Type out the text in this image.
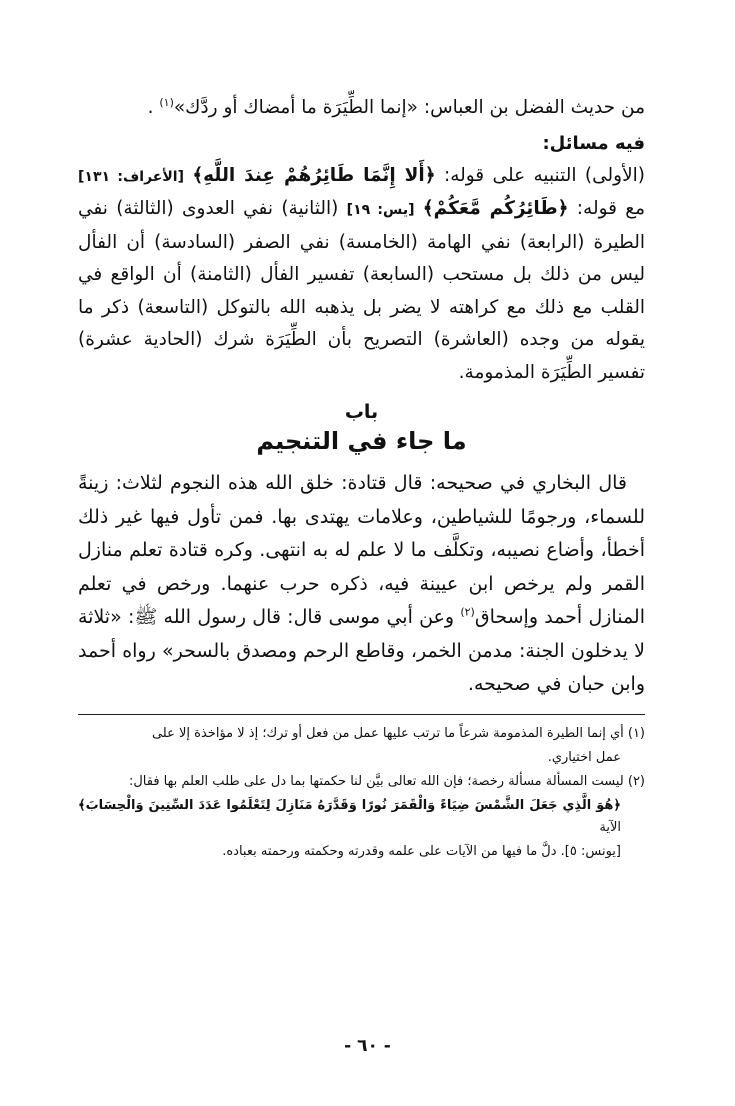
من حديث الفضل بن العباس: «إنما الطِّيَرَة ما أمضاك أو ردَّك»$^{(١)}$ .

فيه مسائل:

(الأولى) التنبيه على قوله: ﴿أَلا إِنَّمَا طَائِرُهُمْ عِندَ اللَّهِ﴾ [الأعراف: ١٣١] مع قوله: ﴿طَائِرُكُم مَّعَكُمْ﴾ [يس: ١٩] (الثانية) نفي العدوى (الثالثة) نفي الطيرة (الرابعة) نفي الهامة (الخامسة) نفي الصفر (السادسة) أن الفأل ليس من ذلك بل مستحب (السابعة) تفسير الفأل (الثامنة) أن الواقع في القلب مع ذلك مع كراهته لا يضر بل يذهبه الله بالتوكل (التاسعة) ذكر ما يقوله من وجده (العاشرة) التصريح بأن الطِّيَرَة شرك (الحادية عشرة) تفسير الطِّيَرَة المذمومة.

باب
ما جاء في التنجيم

قال البخاري في صحيحه: قال قتادة: خلق الله هذه النجوم لثلاث: زينةً للسماء، ورجومًا للشياطين، وعلامات يهتدى بها. فمن تأول فيها غير ذلك أخطأ، وأضاع نصيبه، وتكلَّف ما لا علم له به انتهى. وكره قتادة تعلم منازل القمر ولم يرخص ابن عيينة فيه، ذكره حرب عنهما. ورخص في تعلم المنازل أحمد وإسحاق$^{(٢)}$ وعن أبي موسى قال: قال رسول الله ﷺ: «ثلاثة لا يدخلون الجنة: مدمن الخمر، وقاطع الرحم ومصدق بالسحر» رواه أحمد وابن حبان في صحيحه.

(١) أي إنما الطيرة المذمومة شرعاً ما ترتب عليها عمل من فعل أو ترك؛ إذ لا مؤاخذة إلا على

عمل اختياري.

(٢) ليست المسألة مسألة رخصة؛ فإن الله تعالى بيَّن لنا حكمتها بما دل على طلب العلم بها فقال:

﴿هُوَ الَّذِي جَعَلَ الشَّمْسَ ضِيَاءً وَالْقَمَرَ نُورًا وَقَدَّرَهُ مَنَازِلَ لِتَعْلَمُوا عَدَدَ السِّنِينَ وَالْحِسَابَ﴾ الآية

[يونس: ٥]. دلَّ ما فيها من الآيات على علمه وقدرته وحكمته ورحمته بعباده.

- ٦٠ -
